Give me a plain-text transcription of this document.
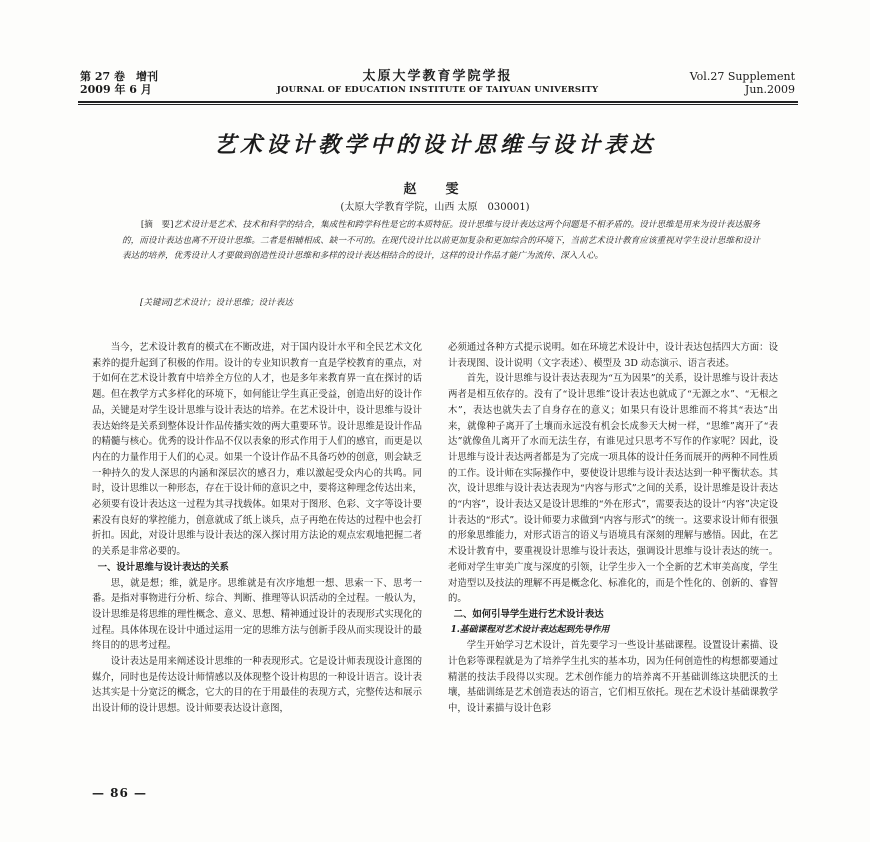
第 27 卷　增刊
2009 年 6 月
太原大学教育学院学报
JOURNAL OF EDUCATION INSTITUTE OF TAIYUAN UNIVERSITY
Vol.27 Supplement
Jun.2009
艺术设计教学中的设计思维与设计表达
赵　雯
(太原大学教育学院，山西 太原　030001)
[摘　要]艺术设计是艺术、技术和科学的结合，集成性和跨学科性是它的本质特征。设计思维与设计表达这两个问题是不相矛盾的。设计思维是用来为设计表达服务的，而设计表达也离不开设计思维。二者是相辅相成、缺一不可的。在现代设计比以前更加复杂和更加综合的环境下，当前艺术设计教育应该重视对学生设计思维和设计表达的培养，优秀设计人才要做到创造性设计思维和多样的设计表达相结合的设计，这样的设计作品才能广为流传、深入人心。
[关键词]艺术设计；设计思维；设计表达

当今，艺术设计教育的模式在不断改进，对于国内设计水平和全民艺术文化素养的提升起到了积极的作用。设计的专业知识教育一直是学校教育的重点，对于如何在艺术设计教育中培养全方位的人才，也是多年来教育界一直在探讨的话题。但在教学方式多样化的环境下，如何能让学生真正受益，创造出好的设计作品，关键是对学生设计思维与设计表达的培养。在艺术设计中，设计思维与设计表达始终是关系到整体设计作品传播实效的两大重要环节。设计思维是设计作品的精髓与核心。优秀的设计作品不仅以表象的形式作用于人们的感官，而更是以内在的力量作用于人们的心灵。如果一个设计作品不具备巧妙的创意，则会缺乏一种持久的发人深思的内涵和深层次的感召力，难以激起受众内心的共鸣。同时，设计思维以一种形态，存在于设计师的意识之中，要将这种理念传达出来，必须要有设计表达这一过程为其寻找载体。如果对于图形、色彩、文字等设计要素没有良好的掌控能力，创意就成了纸上谈兵，点子再绝在传达的过程中也会打折扣。因此，对设计思维与设计表达的深入探讨用方法论的观点宏观地把握二者的关系是非常必要的。

一、设计思维与设计表达的关系

思，就是想；维，就是序。思维就是有次序地想一想、思索一下、思考一番。是指对事物进行分析、综合、判断、推理等认识活动的全过程。一般认为，设计思维是将思维的理性概念、意义、思想、精神通过设计的表现形式实现化的过程。具体体现在设计中通过运用一定的思维方法与创新手段从而实现设计的最终目的的思考过程。

设计表达是用来阐述设计思维的一种表现形式。它是设计师表现设计意图的媒介，同时也是传达设计师情感以及体现整个设计构思的一种设计语言。设计表达其实是十分宽泛的概念，它大的目的在于用最佳的表现方式，完整传达和展示出设计师的设计思想。设计师要表达设计意图，

必须通过各种方式提示说明。如在环境艺术设计中，设计表达包括四大方面：设计表现图、设计说明（文字表述）、模型及 3D 动态演示、语言表述。

首先，设计思维与设计表达表现为“互为因果”的关系，设计思维与设计表达两者是相互依存的。没有了“设计思维”设计表达也就成了“无源之水”、“无根之木”，表达也就失去了自身存在的意义；如果只有设计思维而不将其“表达”出来，就像种子离开了土壤而永远没有机会长成参天大树一样，“思维”离开了“表达”就像鱼儿离开了水而无法生存，有谁见过只思考不写作的作家呢？因此，设计思维与设计表达两者都是为了完成一项具体的设计任务而展开的两种不同性质的工作。设计师在实际操作中，要使设计思维与设计表达达到一种平衡状态。其次，设计思维与设计表达表现为“内容与形式”之间的关系，设计思维是设计表达的“内容”，设计表达又是设计思维的“外在形式”，需要表达的设计“内容”决定设计表达的“形式”。设计师要力求做到“内容与形式”的统一。这要求设计师有很强的形象思维能力，对形式语言的语义与语境具有深刻的理解与感悟。因此，在艺术设计教育中，要重视设计思维与设计表达，强调设计思维与设计表达的统一。老师对学生审美广度与深度的引领，让学生步入一个全新的艺术审美高度，学生对造型以及技法的理解不再是概念化、标准化的，而是个性化的、创新的、睿智的。

二、如何引导学生进行艺术设计表达

1.基础课程对艺术设计表达起到先导作用

学生开始学习艺术设计，首先要学习一些设计基础课程。设置设计素描、设计色彩等课程就是为了培养学生扎实的基本功，因为任何创造性的构想都要通过精湛的技法手段得以实现。艺术创作能力的培养离不开基础训练这块肥沃的土壤，基础训练是艺术创造表达的语言，它们相互依托。现在艺术设计基础课教学中，设计素描与设计色彩

— 86 —
